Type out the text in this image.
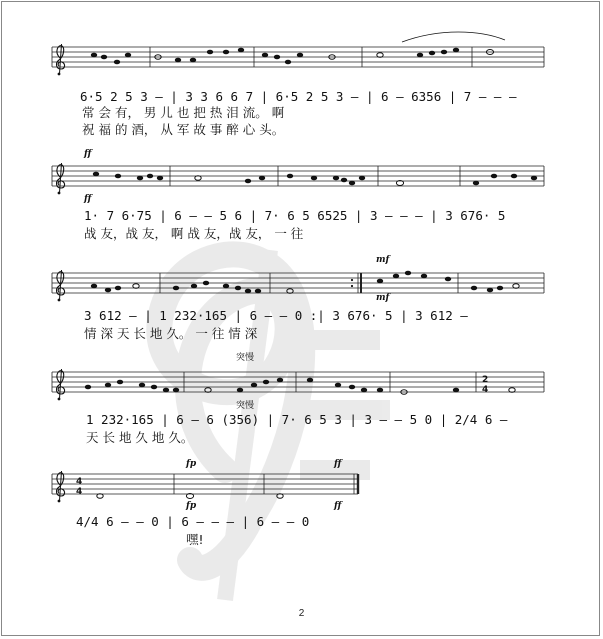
6·5 2 5 3 – | 3 3 6 6 7 | 6·5 2 5 3 – | 6 – 6356 | 7 – – –
常 会 有， 男 儿 也 把 热 泪 流。 啊
祝 福 的 酒， 从 军 故 事 醉 心 头。
ff
ff
1· 7 6·75 | 6 – – 5 6 | 7· 6 5 6525 | 3 – – – | 3 676· 5
战 友，战 友， 啊 战 友，战 友， 一 往
mf
mf
3 612 – | 1 232·165 | 6 – – 0 :| 3 676· 5 | 3 612 –
情 深 天 长 地 久。 一 往 情 深
2
4
突慢
突慢
1 232·165 | 6 – 6 (356) | 7· 6 5 3 | 3 – – 5 0 | 2/4 6 –
天 长 地 久 地 久。
4
4
fp
fp
ff
ff
4/4 6 – – 0 | 6 – – – | 6 – – 0
嘿!
2
